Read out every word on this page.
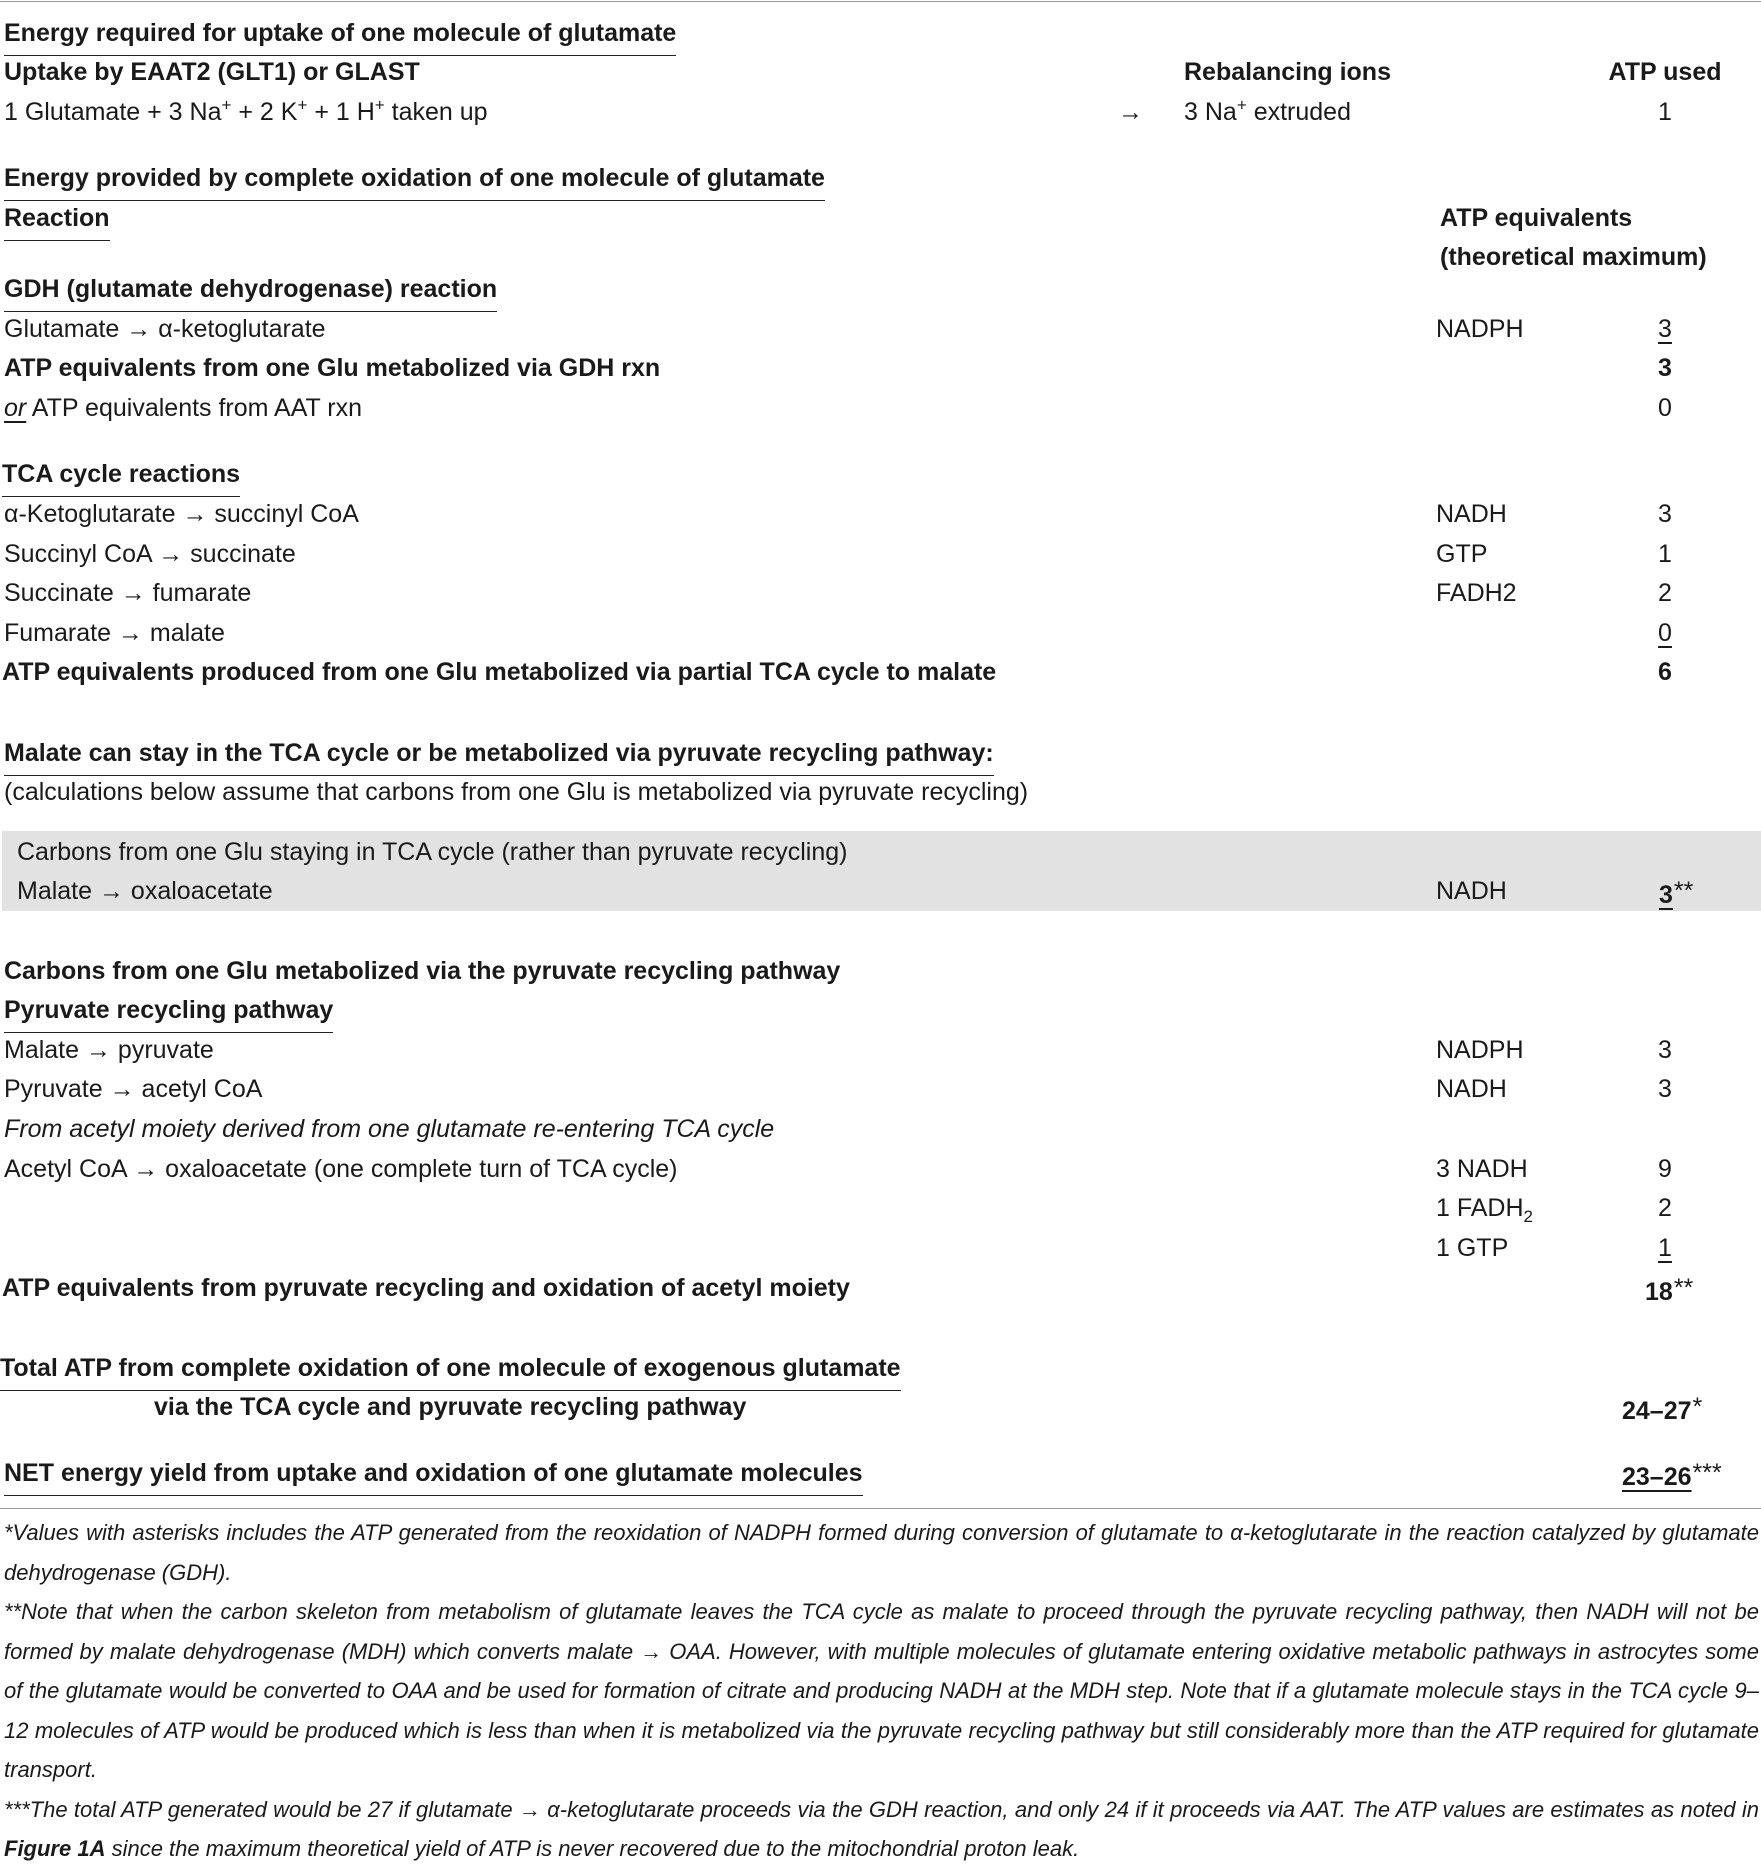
Energy required for uptake of one molecule of glutamate
Uptake by EAAT2 (GLT1) or GLAST	Rebalancing ions	ATP used
1 Glutamate + 3 Na+ + 2 K+ + 1 H+ taken up	→ 3 Na+ extruded	1
Energy provided by complete oxidation of one molecule of glutamate
Reaction	ATP equivalents
(theoretical maximum)
GDH (glutamate dehydrogenase) reaction
Glutamate → α-ketoglutarate	NADPH	3
ATP equivalents from one Glu metabolized via GDH rxn	3
or ATP equivalents from AAT rxn	0
TCA cycle reactions
α-Ketoglutarate → succinyl CoA	NADH	3
Succinyl CoA → succinate	GTP	1
Succinate → fumarate	FADH2	2
Fumarate → malate	0
ATP equivalents produced from one Glu metabolized via partial TCA cycle to malate	6
Malate can stay in the TCA cycle or be metabolized via pyruvate recycling pathway:
(calculations below assume that carbons from one Glu is metabolized via pyruvate recycling)
Carbons from one Glu staying in TCA cycle (rather than pyruvate recycling)
Malate → oxaloacetate	NADH	3**
Carbons from one Glu metabolized via the pyruvate recycling pathway
Pyruvate recycling pathway
Malate → pyruvate	NADPH	3
Pyruvate → acetyl CoA	NADH	3
From acetyl moiety derived from one glutamate re-entering TCA cycle
Acetyl CoA → oxaloacetate (one complete turn of TCA cycle)	3 NADH	9
1 $FADH_2$	2
1 GTP	1
ATP equivalents from pyruvate recycling and oxidation of acetyl moiety	18**
Total ATP from complete oxidation of one molecule of exogenous glutamate
via the TCA cycle and pyruvate recycling pathway	24–27*
NET energy yield from uptake and oxidation of one glutamate molecules	23–26***

*Values with asterisks includes the ATP generated from the reoxidation of NADPH formed during conversion of glutamate to α-ketoglutarate in the reaction catalyzed by glutamate dehydrogenase (GDH).

**Note that when the carbon skeleton from metabolism of glutamate leaves the TCA cycle as malate to proceed through the pyruvate recycling pathway, then NADH will not be formed by malate dehydrogenase (MDH) which converts malate → OAA. However, with multiple molecules of glutamate entering oxidative metabolic pathways in astrocytes some of the glutamate would be converted to OAA and be used for formation of citrate and producing NADH at the MDH step. Note that if a glutamate molecule stays in the TCA cycle 9–12 molecules of ATP would be produced which is less than when it is metabolized via the pyruvate recycling pathway but still considerably more than the ATP required for glutamate transport.

***The total ATP generated would be 27 if glutamate → α-ketoglutarate proceeds via the GDH reaction, and only 24 if it proceeds via AAT. The ATP values are estimates as noted in Figure 1A since the maximum theoretical yield of ATP is never recovered due to the mitochondrial proton leak.
